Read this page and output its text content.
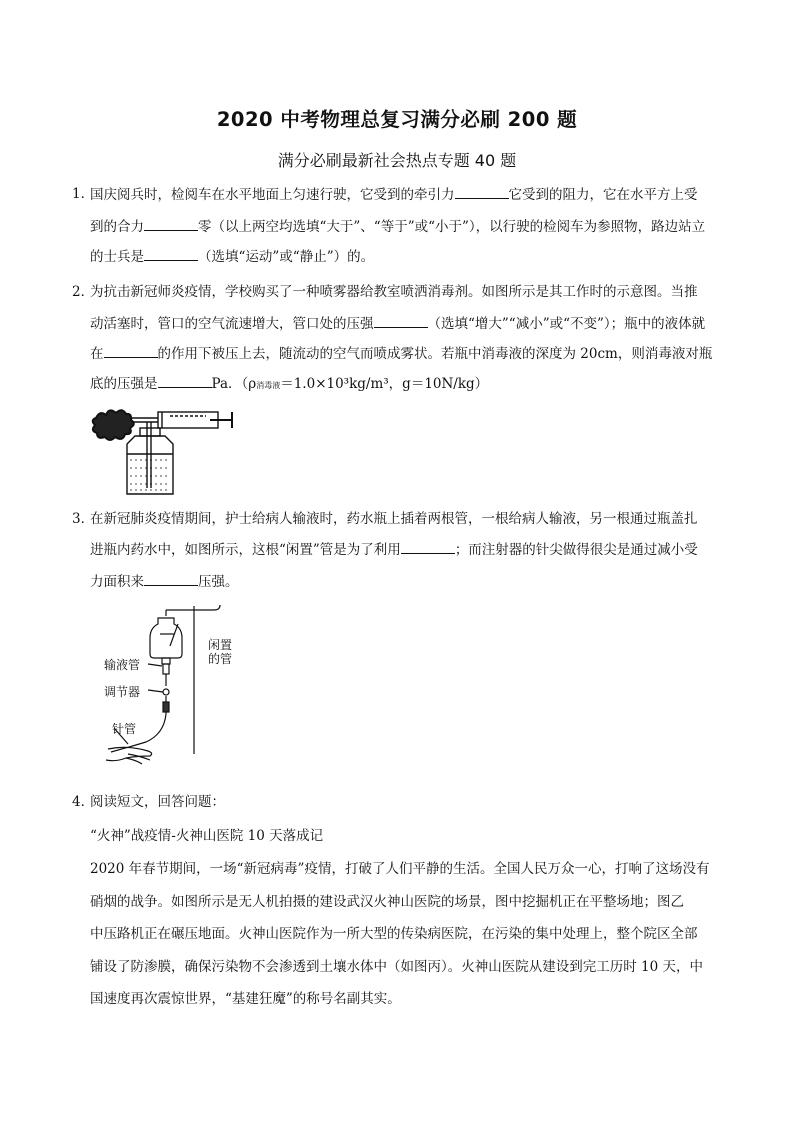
2020 中考物理总复习满分必刷 200 题
满分必刷最新社会热点专题 40 题
1．
国庆阅兵时，检阅车在水平地面上匀速行驶，它受到的牵引力	它受到的阻力，它在水平方上受
到的合力	零（以上两空均选填“大于”、“等于”或“小于”），以行驶的检阅车为参照物，路边站立
的士兵是	（选填“运动”或“静止”）的。
2．
为抗击新冠师炎疫情，学校购买了一种喷雾器给教室喷洒消毒剂。如图所示是其工作时的示意图。当推
动活塞时，管口的空气流速增大，管口处的压强	（选填“增大”“减小”或“不变”）；瓶中的液体就
在	的作用下被压上去，随流动的空气而喷成雾状。若瓶中消毒液的深度为 20cm，则消毒液对瓶
底的压强是	Pa．（ρ消毒液＝1.0×10³kg/m³，g＝10N/kg）
3．
在新冠肺炎疫情期间，护士给病人输液时，药水瓶上插着两根管，一根给病人输液，另一根通过瓶盖扎
进瓶内药水中，如图所示，这根“闲置”管是为了利用	；而注射器的针尖做得很尖是通过减小受
力面积来	压强。
闲置
的管
输液管
调节器
针管
4．
阅读短文，回答问题：
“火神”战疫情-火神山医院 10 天落成记
2020 年春节期间，一场“新冠病毒”疫情，打破了人们平静的生活。全国人民万众一心，打响了这场没有
硝烟的战争。如图所示是无人机拍摄的建设武汉火神山医院的场景，图中挖掘机正在平整场地；图乙
中压路机正在碾压地面。火神山医院作为一所大型的传染病医院，在污染的集中处理上，整个院区全部
铺设了防渗膜，确保污染物不会渗透到土壤水体中（如图丙）。火神山医院从建设到完工历时 10 天，中
国速度再次震惊世界，“基建狂魔”的称号名副其实。
